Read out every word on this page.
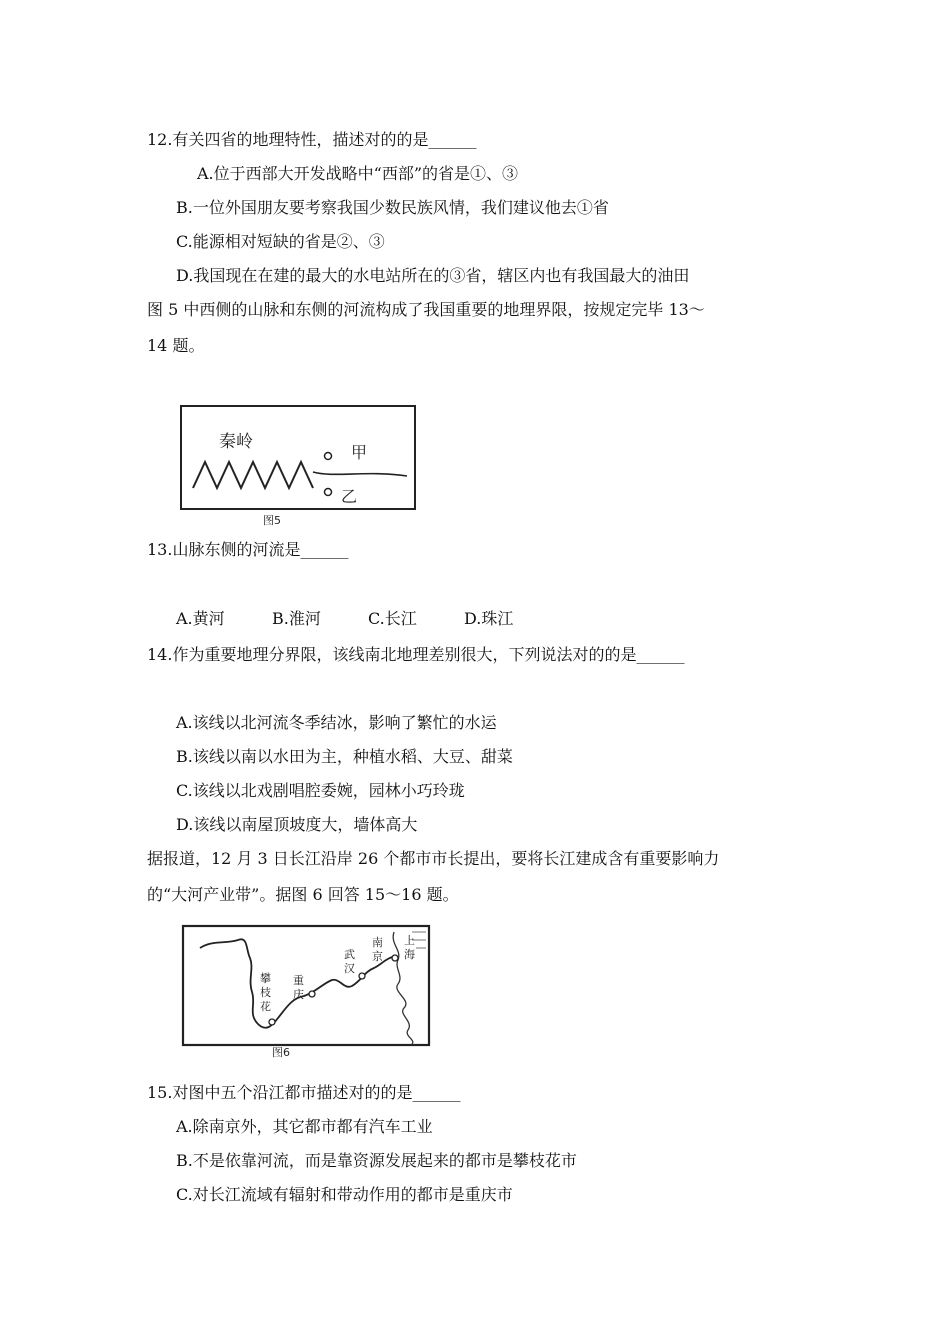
12.有关四省的地理特性，描述对的的是______
A.位于西部大开发战略中“西部”的省是①、③
B.一位外国朋友要考察我国少数民族风情，我们建议他去①省
C.能源相对短缺的省是②、③
D.我国现在在建的最大的水电站所在的③省，辖区内也有我国最大的油田
图 5 中西侧的山脉和东侧的河流构成了我国重要的地理界限，按规定完毕 13～
14 题。
秦岭
甲
乙
图5
13.山脉东侧的河流是______
A.黄河	B.淮河	C.长江	D.珠江
14.作为重要地理分界限，该线南北地理差别很大，下列说法对的的是______
A.该线以北河流冬季结冰，影响了繁忙的水运
B.该线以南以水田为主，种植水稻、大豆、甜菜
C.该线以北戏剧唱腔委婉，园林小巧玲珑
D.该线以南屋顶坡度大，墙体高大
据报道，12 月 3 日长江沿岸 26 个都市市长提出，要将长江建成含有重要影响力
的“大河产业带”。据图 6 回答 15～16 题。
攀
枝
花
重
庆
武
汉
南
京
上
海
图6
15.对图中五个沿江都市描述对的的是______
A.除南京外，其它都市都有汽车工业
B.不是依靠河流，而是靠资源发展起来的都市是攀枝花市
C.对长江流域有辐射和带动作用的都市是重庆市
